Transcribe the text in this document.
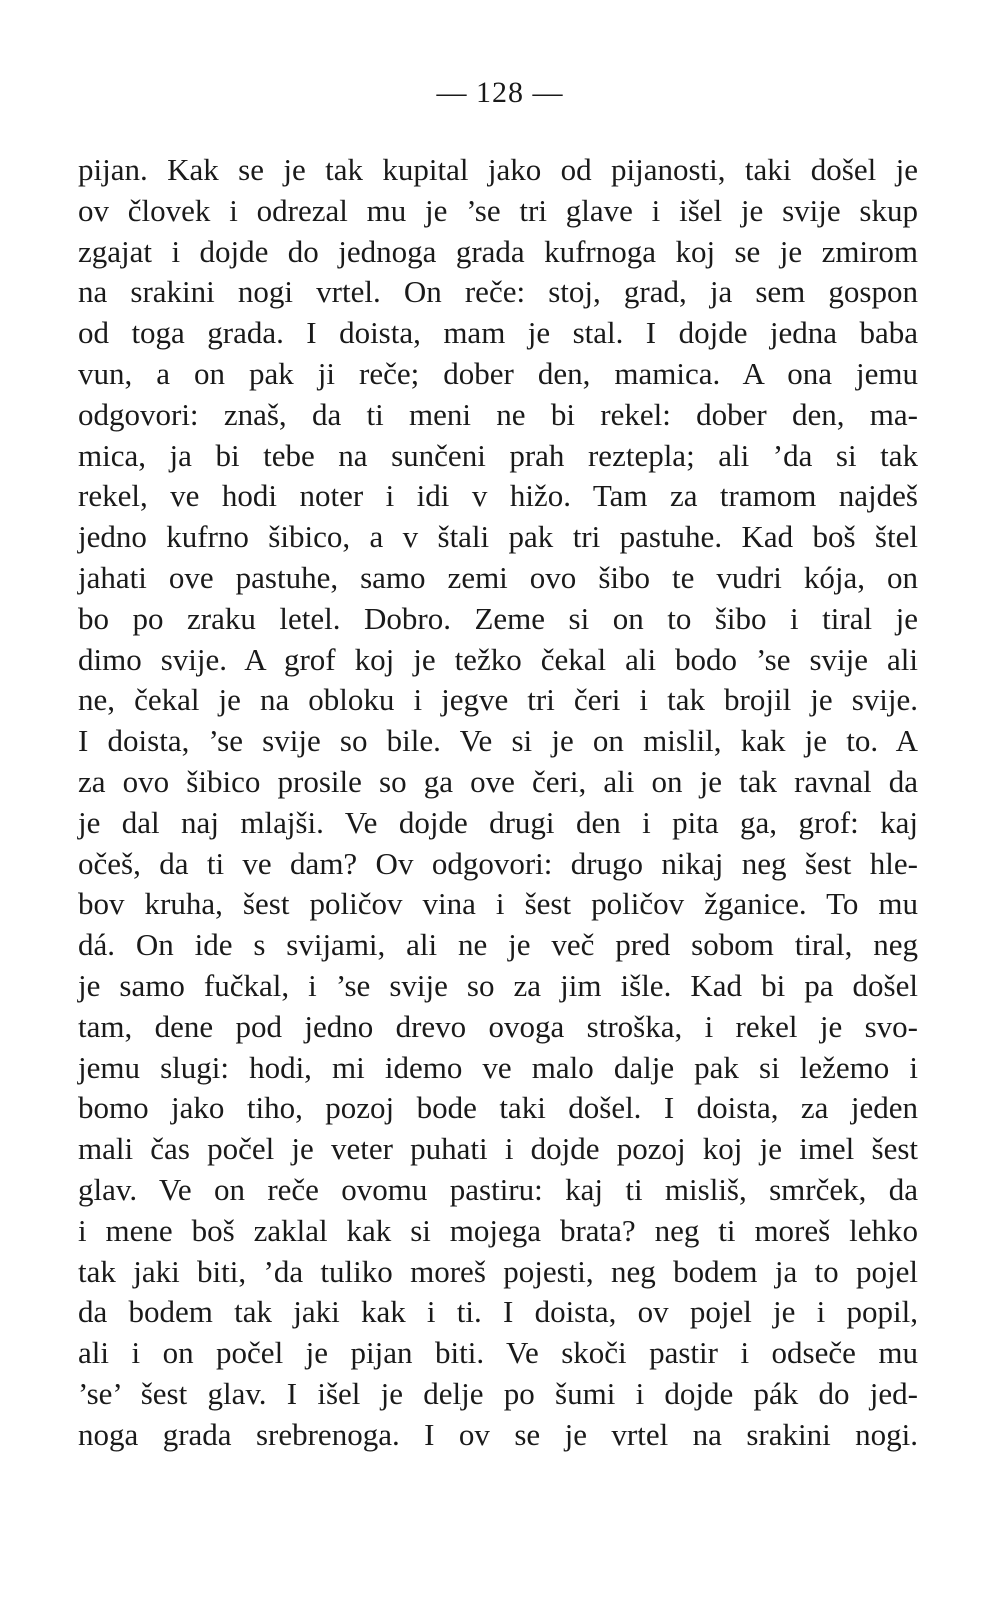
— 128 —
pijan. Kak se je tak kupital jako od pijanosti, taki došel je
ov človek i odrezal mu je ’se tri glave i išel je svije skup
zgajat i dojde do jednoga grada kufrnoga koj se je zmirom
na srakini nogi vrtel. On reče: stoj, grad, ja sem gospon
od toga grada. I doista, mam je stal. I dojde jedna baba
vun, a on pak ji reče; dober den, mamica. A ona jemu
odgovori: znaš, da ti meni ne bi rekel: dober den, ma-
mica, ja bi tebe na sunčeni prah reztepla; ali ’da si tak
rekel, ve hodi noter i idi v hižo. Tam za tramom najdeš
jedno kufrno šibico, a v štali pak tri pastuhe. Kad boš štel
jahati ove pastuhe, samo zemi ovo šibo te vudri kója, on
bo po zraku letel. Dobro. Zeme si on to šibo i tiral je
dimo svije. A grof koj je težko čekal ali bodo ’se svije ali
ne, čekal je na obloku i jegve tri čeri i tak brojil je svije.
I doista, ’se svije so bile. Ve si je on mislil, kak je to. A
za ovo šibico prosile so ga ove čeri, ali on je tak ravnal da
je dal naj mlajši. Ve dojde drugi den i pita ga, grof: kaj
očeš, da ti ve dam? Ov odgovori: drugo nikaj neg šest hle-
bov kruha, šest poličov vina i šest poličov žganice. To mu
dá. On ide s svijami, ali ne je več pred sobom tiral, neg
je samo fučkal, i ’se svije so za jim išle. Kad bi pa došel
tam, dene pod jedno drevo ovoga stroška, i rekel je svo-
jemu slugi: hodi, mi idemo ve malo dalje pak si ležemo i
bomo jako tiho, pozoj bode taki došel. I doista, za jeden
mali čas počel je veter puhati i dojde pozoj koj je imel šest
glav. Ve on reče ovomu pastiru: kaj ti misliš, smrček, da
i mene boš zaklal kak si mojega brata? neg ti moreš lehko
tak jaki biti, ’da tuliko moreš pojesti, neg bodem ja to pojel
da bodem tak jaki kak i ti. I doista, ov pojel je i popil,
ali i on počel je pijan biti. Ve skoči pastir i odseče mu
’se’ šest glav. I išel je delje po šumi i dojde pák do jed-
noga grada srebrenoga. I ov se je vrtel na srakini nogi.
